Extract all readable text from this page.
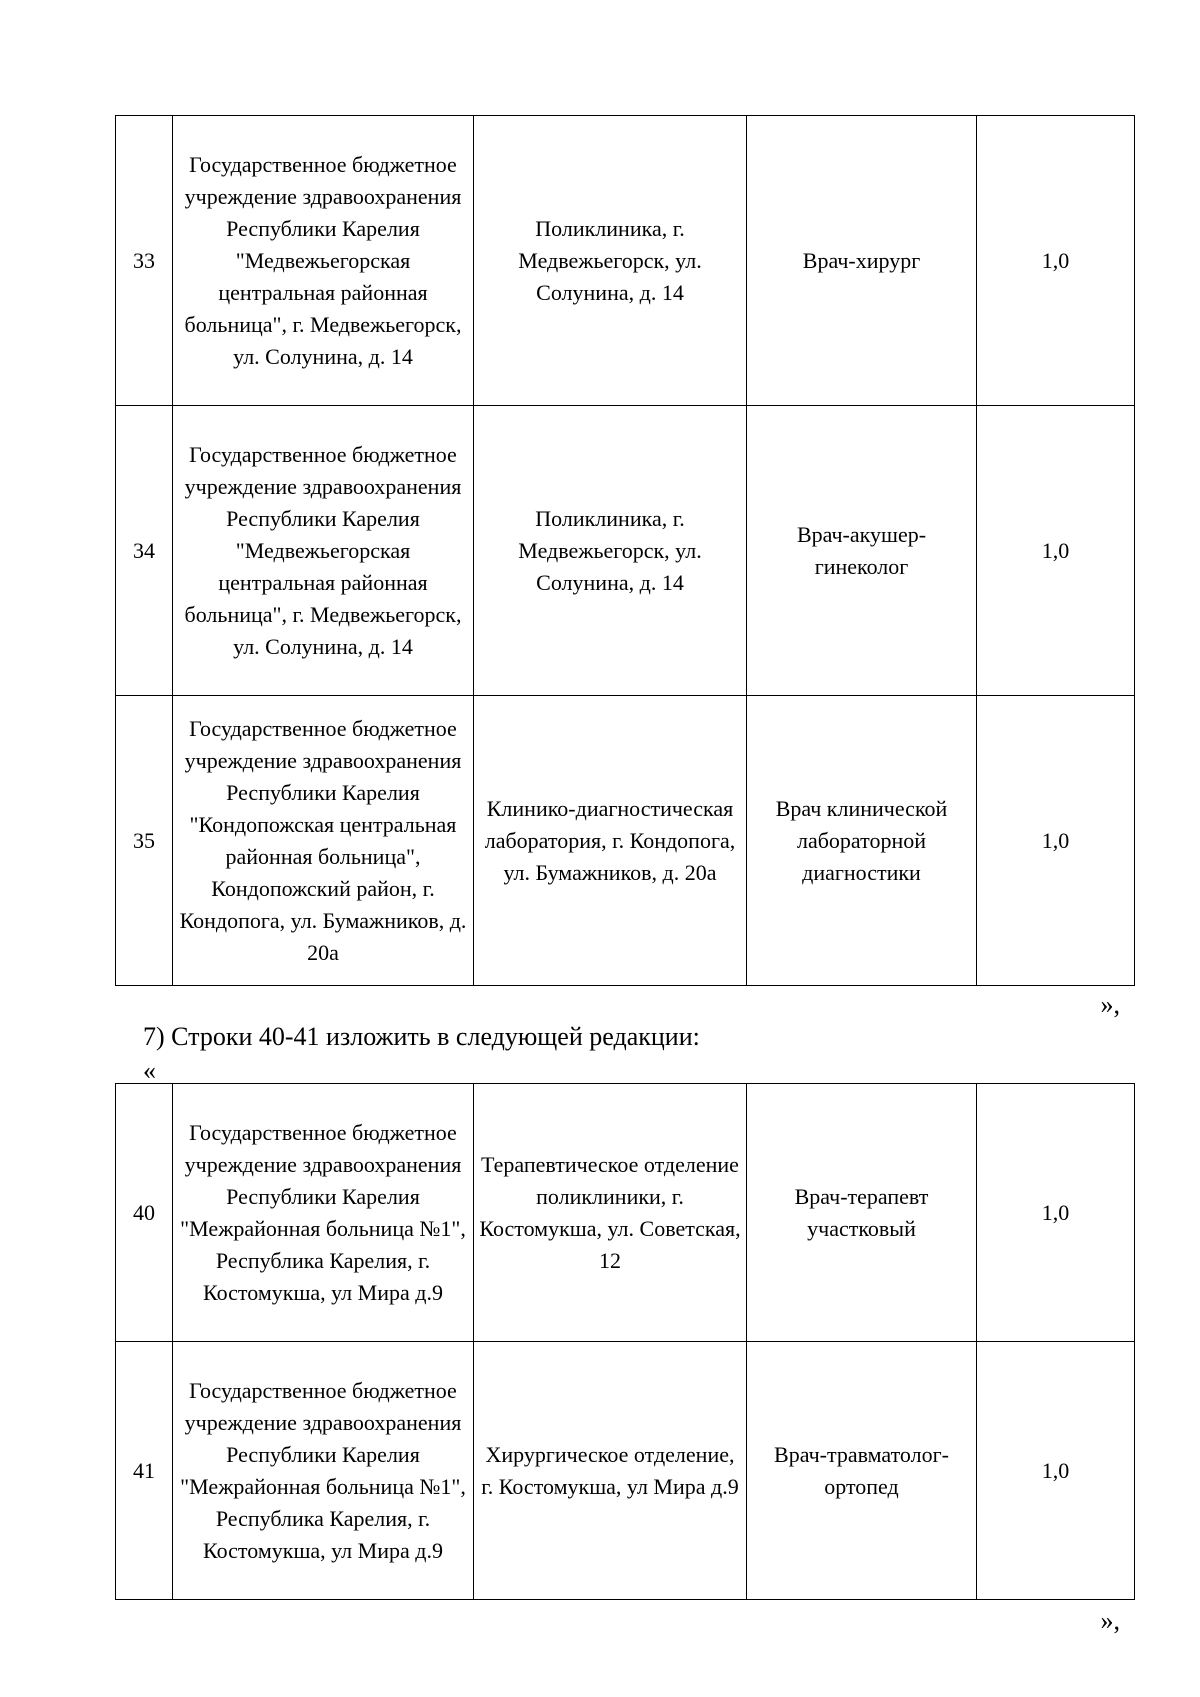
33	Государственное бюджетное учреждение здравоохранения Республики Карелия "Медвежьегорская центральная районная больница", г. Медвежьегорск, ул. Солунина, д. 14	Поликлиника, г. Медвежьегорск, ул. Солунина, д. 14	Врач-хирург	1,0
34	Государственное бюджетное учреждение здравоохранения Республики Карелия "Медвежьегорская центральная районная больница", г. Медвежьегорск, ул. Солунина, д. 14	Поликлиника, г. Медвежьегорск, ул. Солунина, д. 14	Врач-акушер-гинеколог	1,0
35	Государственное бюджетное учреждение здравоохранения Республики Карелия "Кондопожская центральная районная больница", Кондопожский район, г. Кондопога, ул. Бумажников, д. 20а	Клинико-диагностическая лаборатория, г. Кондопога, ул. Бумажников, д. 20а	Врач клинической лабораторной диагностики	1,0
»,
7) Строки 40-41 изложить в следующей редакции:
«
40	Государственное бюджетное учреждение здравоохранения Республики Карелия "Межрайонная больница №1", Республика Карелия, г. Костомукша, ул Мира д.9	Терапевтическое отделение поликлиники, г. Костомукша, ул. Советская, 12	Врач-терапевт участковый	1,0
41	Государственное бюджетное учреждение здравоохранения Республики Карелия "Межрайонная больница №1", Республика Карелия, г. Костомукша, ул Мира д.9	Хирургическое отделение, г. Костомукша, ул Мира д.9	Врач-травматолог-ортопед	1,0
»,
